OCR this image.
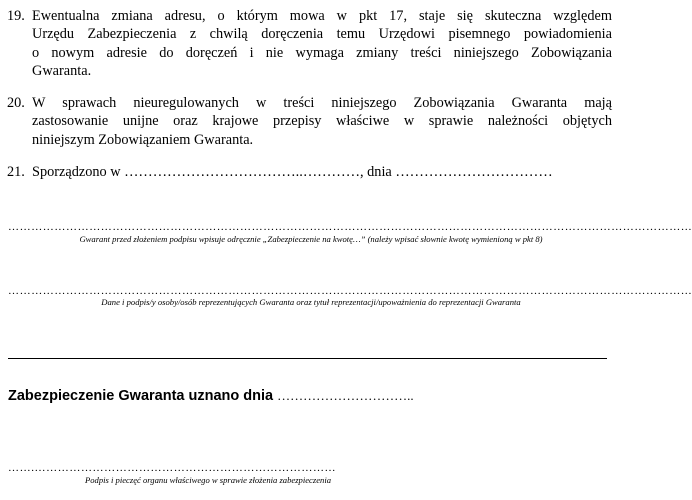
19. Ewentualna zmiana adresu, o którym mowa w pkt 17, staje się skuteczna względem
Urzędu Zabezpieczenia z chwilą doręczenia temu Urzędowi pisemnego powiadomienia
o nowym adresie do doręczeń i nie wymaga zmiany treści niniejszego Zobowiązania
Gwaranta.
20. W sprawach nieuregulowanych w treści niniejszego Zobowiązania Gwaranta mają
zastosowanie unijne oraz krajowe przepisy właściwe w sprawie należności objętych
niniejszym Zobowiązaniem Gwaranta.
21. Sporządzono w ………………………………..…………, dnia ……………………………
……………………………………………………………………………………………………………………………………………………………
Gwarant przed złożeniem podpisu wpisuje odręcznie „Zabezpieczenie na kwotę…” (należy wpisać słownie kwotę wymienioną w pkt 8)
……………………………………………………………………………………………………………………………………………………………
Dane i podpis/y osoby/osób reprezentujących Gwaranta oraz tytuł reprezentacji/upoważnienia do reprezentacji Gwaranta
Zabezpieczenie Gwaranta uznano dnia …………………………..
…….……………………………………………………………………
Podpis i pieczęć organu właściwego w sprawie złożenia zabezpieczenia
